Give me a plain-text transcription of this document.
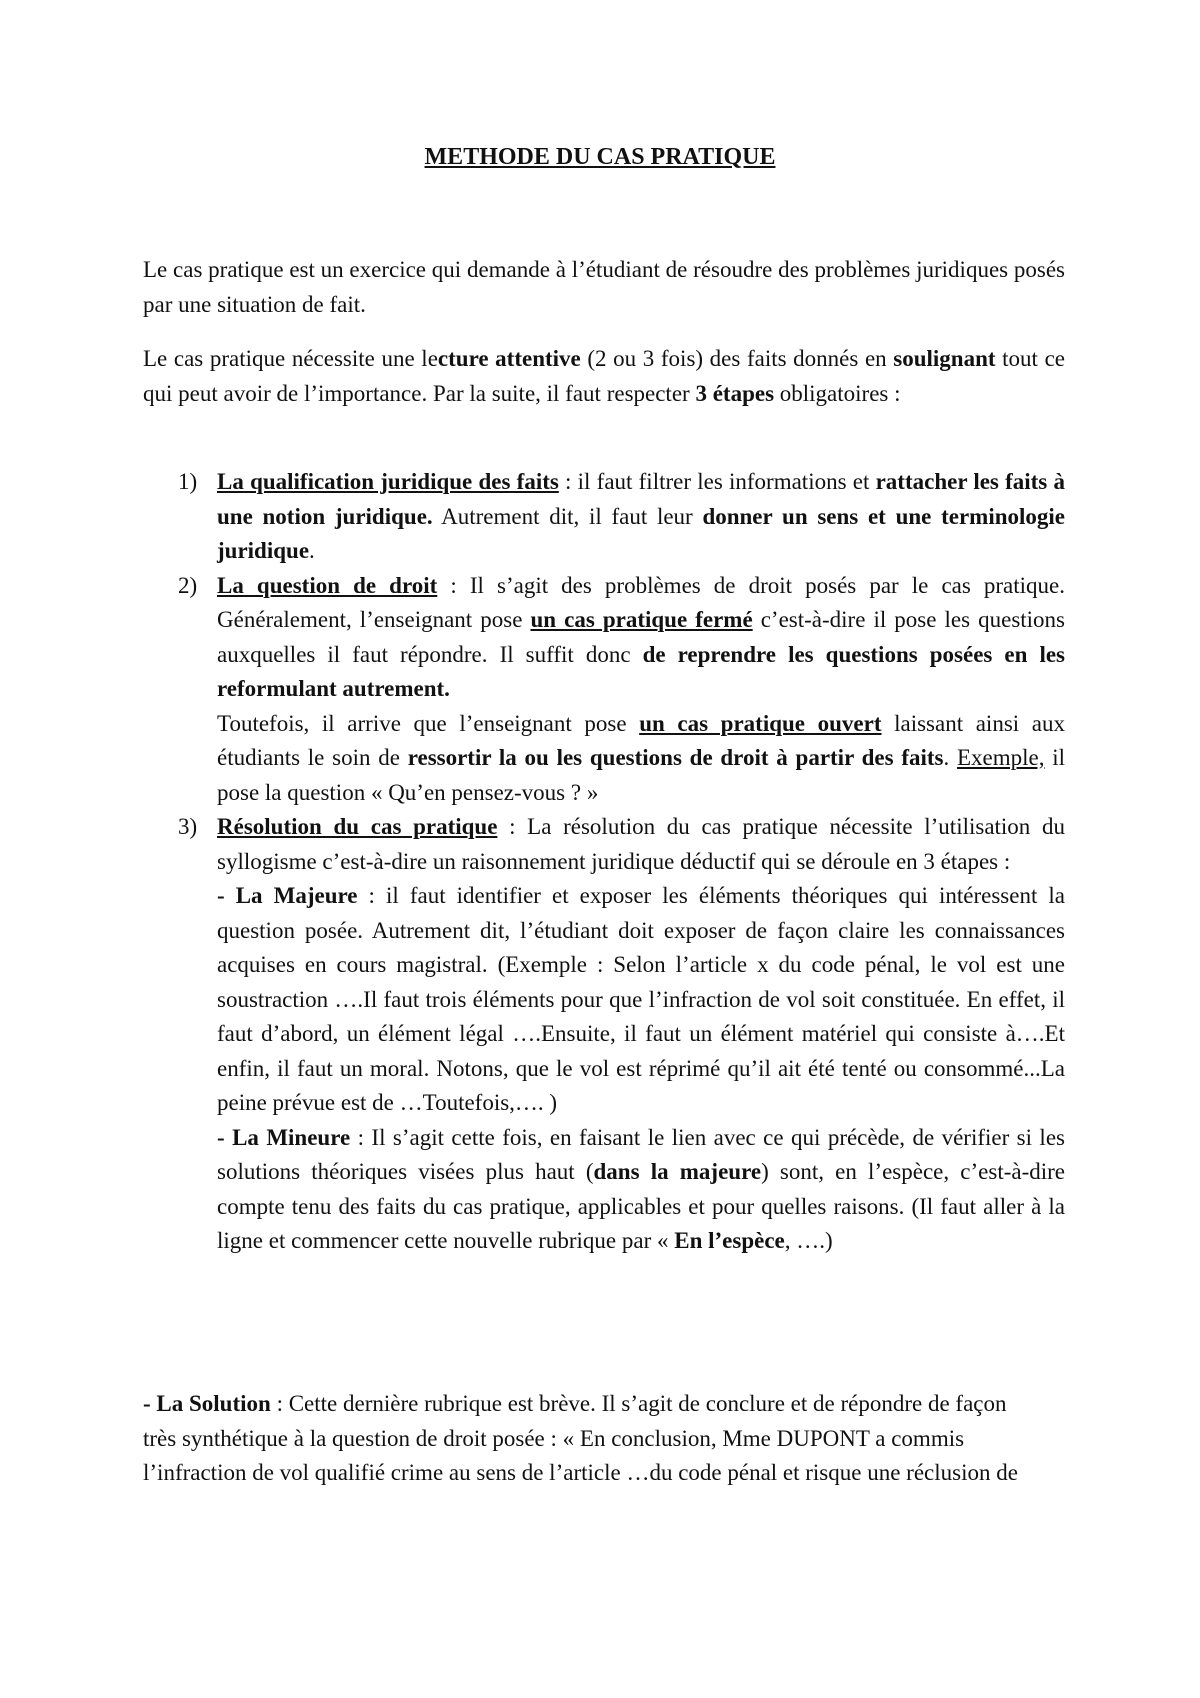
METHODE DU CAS PRATIQUE

Le cas pratique est un exercice qui demande à l’étudiant de résoudre des problèmes juridiques posés par une situation de fait.

Le cas pratique nécessite une lecture attentive (2 ou 3 fois) des faits donnés en soulignant tout ce qui peut avoir de l’importance. Par la suite, il faut respecter 3 étapes obligatoires :

1) La qualification juridique des faits : il faut filtrer les informations et rattacher les faits à une notion juridique. Autrement dit, il faut leur donner un sens et une terminologie juridique.
2) La question de droit : Il s’agit des problèmes de droit posés par le cas pratique. Généralement, l’enseignant pose un cas pratique fermé c’est-à-dire il pose les questions auxquelles il faut répondre. Il suffit donc de reprendre les questions posées en les reformulant autrement.
Toutefois, il arrive que l’enseignant pose un cas pratique ouvert laissant ainsi aux étudiants le soin de ressortir la ou les questions de droit à partir des faits. Exemple, il pose la question « Qu’en pensez-vous ? »
3) Résolution du cas pratique : La résolution du cas pratique nécessite l’utilisation du syllogisme c’est-à-dire un raisonnement juridique déductif qui se déroule en 3 étapes :
- La Majeure : il faut identifier et exposer les éléments théoriques qui intéressent la question posée. Autrement dit, l’étudiant doit exposer de façon claire les connaissances acquises en cours magistral. (Exemple : Selon l’article x du code pénal, le vol est une soustraction ….Il faut trois éléments pour que l’infraction de vol soit constituée. En effet, il faut d’abord, un élément légal ….Ensuite, il faut un élément matériel qui consiste à….Et enfin, il faut un moral. Notons, que le vol est réprimé qu’il ait été tenté ou consommé...La peine prévue est de …Toutefois,…. )
- La Mineure : Il s’agit cette fois, en faisant le lien avec ce qui précède, de vérifier si les solutions théoriques visées plus haut (dans la majeure) sont, en l’espèce, c’est-à-dire compte tenu des faits du cas pratique, applicables et pour quelles raisons. (Il faut aller à la ligne et commencer cette nouvelle rubrique par « En l’espèce, ….)

- La Solution : Cette dernière rubrique est brève. Il s’agit de conclure et de répondre de façon très synthétique à la question de droit posée : « En conclusion, Mme DUPONT a commis l’infraction de vol qualifié crime au sens de l’article …du code pénal et risque une réclusion de
